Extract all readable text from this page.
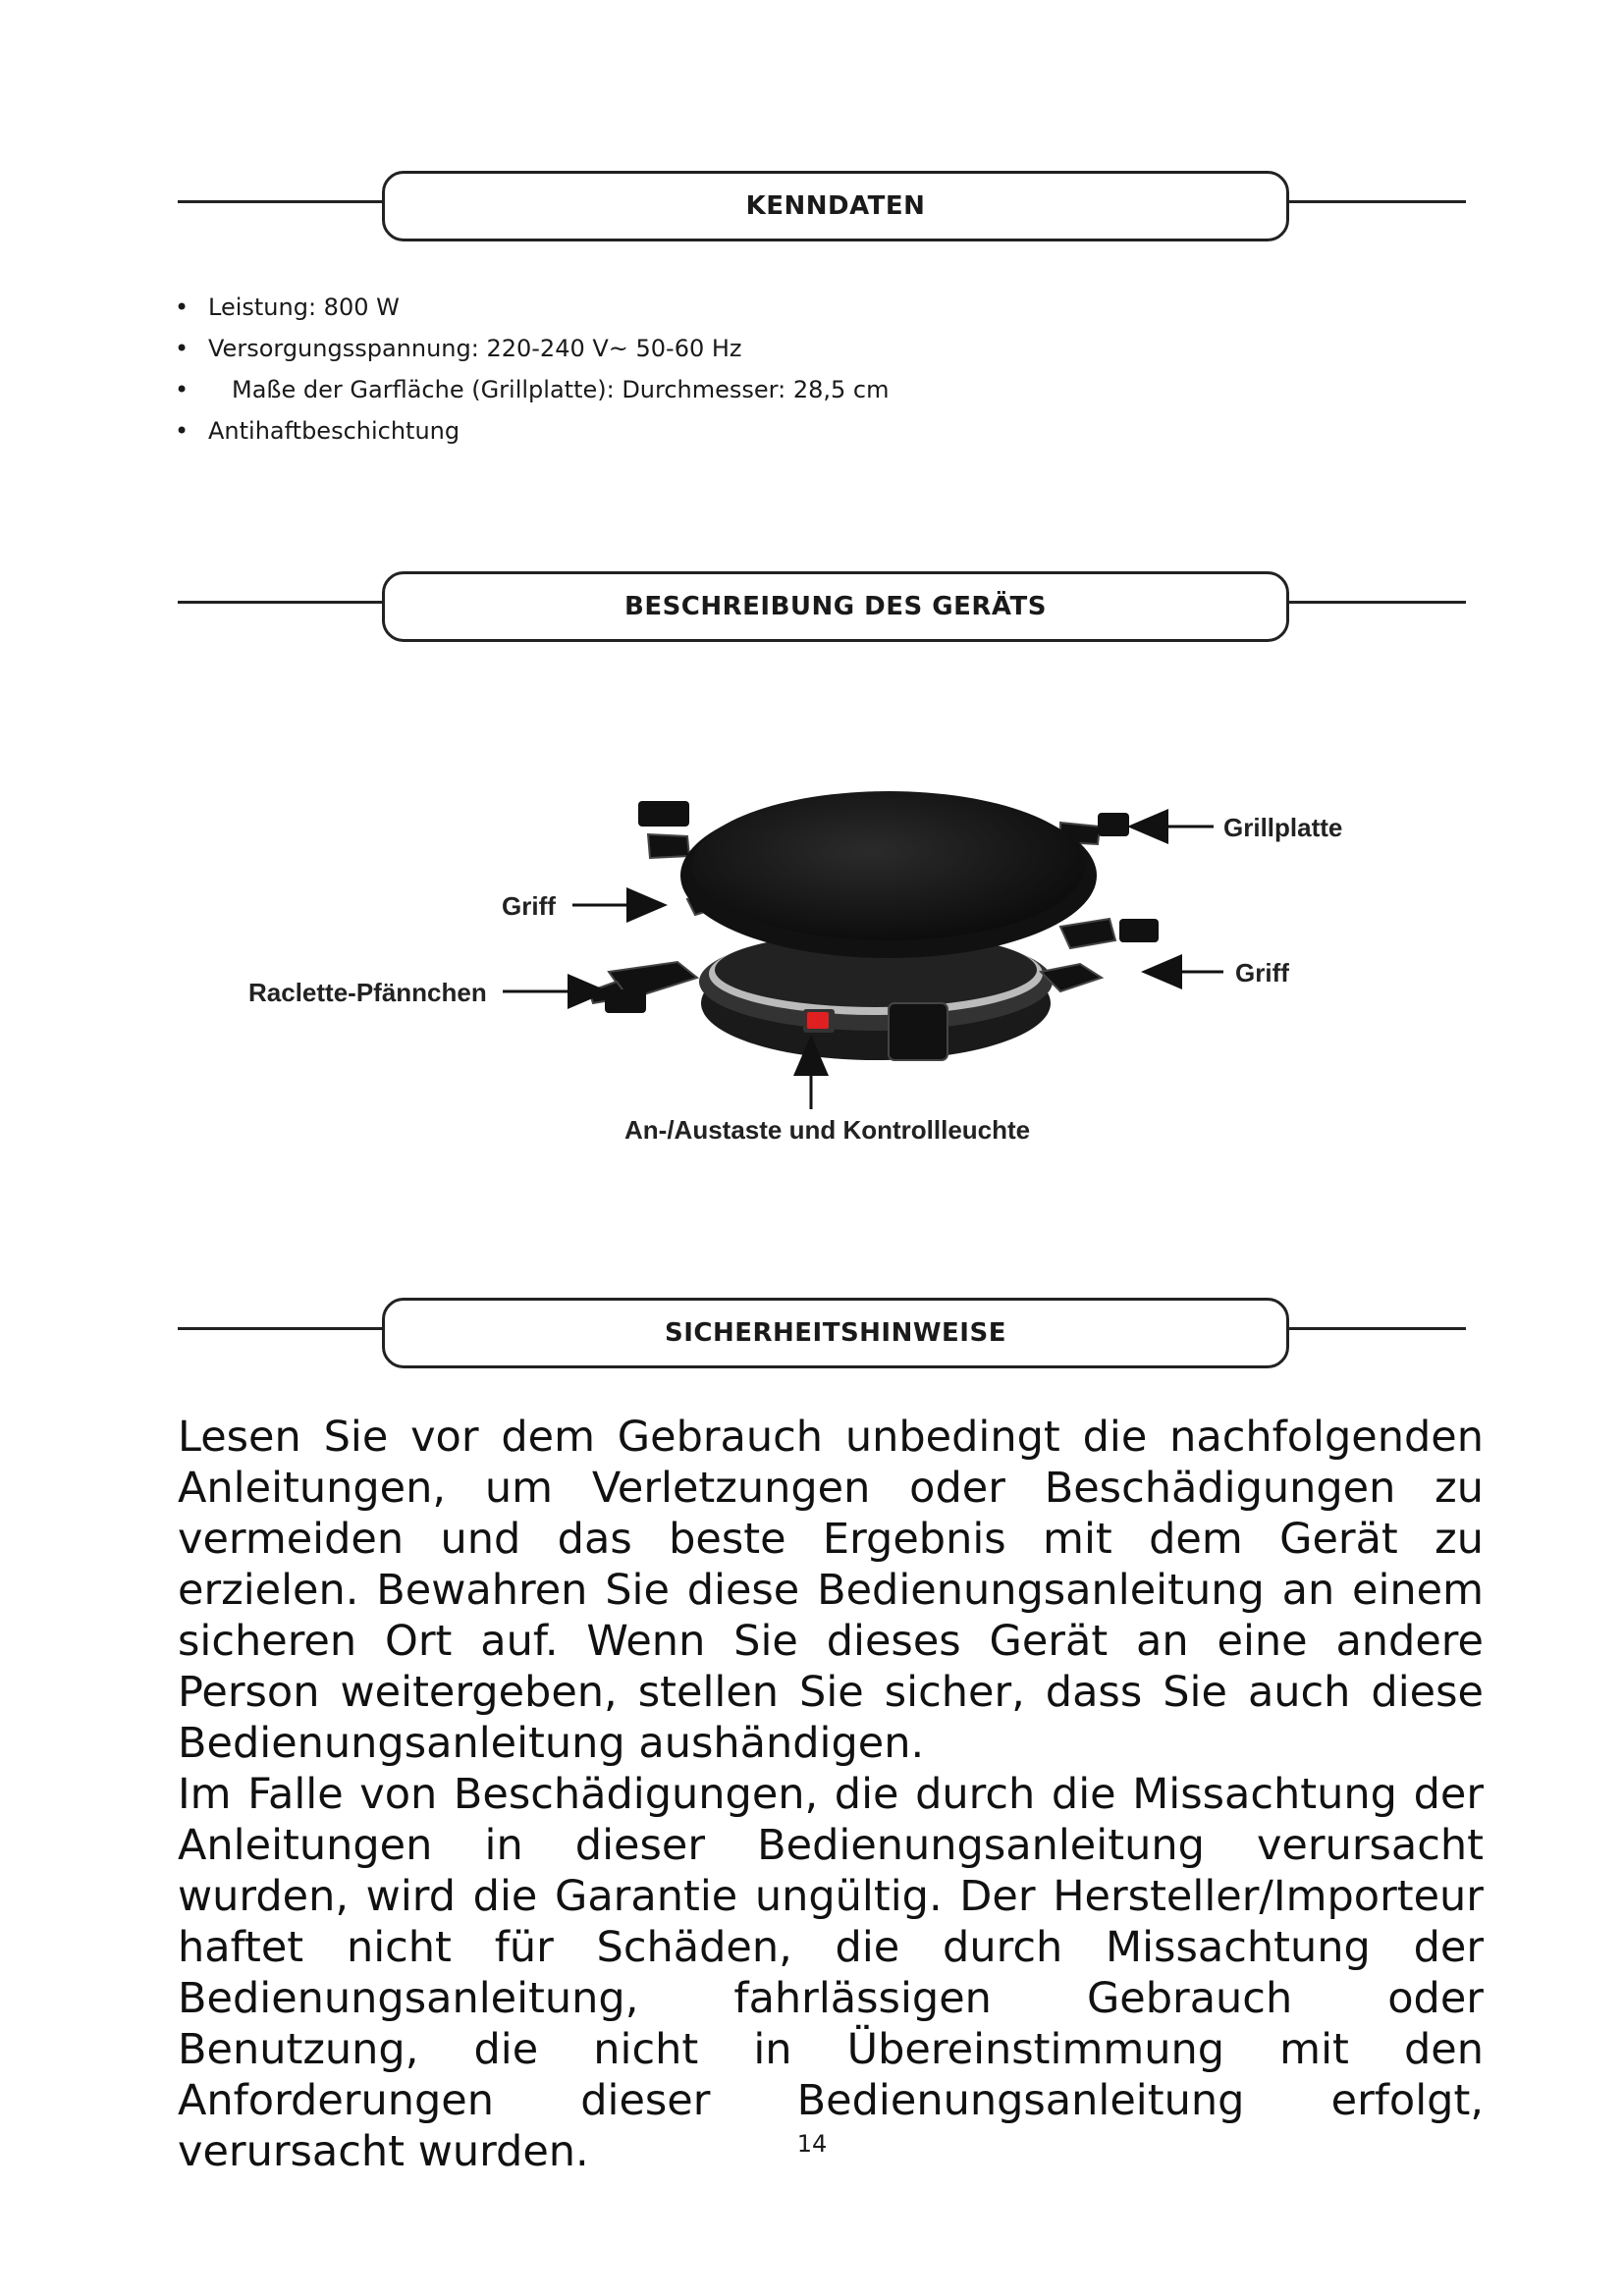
KENNDATEN
• Leistung: 800 W
• Versorgungsspannung: 220-240 V~ 50-60 Hz
• Maße der Garfläche (Grillplatte): Durchmesser: 28,5 cm
• Antihaftbeschichtung
BESCHREIBUNG DES GERÄTS
Grillplatte
Griff
Griff
Raclette-Pfännchen
An-/Austaste und Kontrollleuchte
SICHERHEITSHINWEISE

Lesen Sie vor dem Gebrauch unbedingt die nachfolgenden Anleitungen, um Verletzungen oder Beschädigungen zu vermeiden und das beste Ergebnis mit dem Gerät zu erzielen. Bewahren Sie diese Bedienungsanleitung an einem sicheren Ort auf. Wenn Sie dieses Gerät an eine andere Person weitergeben, stellen Sie sicher, dass Sie auch diese Bedienungsanleitung aushändigen.

Im Falle von Beschädigungen, die durch die Missachtung der Anleitungen in dieser Bedienungsanleitung verursacht wurden, wird die Garantie ungültig. Der Hersteller/Importeur haftet nicht für Schäden, die durch Missachtung der Bedienungsanleitung, fahrlässigen Gebrauch oder Benutzung, die nicht in Übereinstimmung mit den Anforderungen dieser Bedienungsanleitung erfolgt, verursacht wurden.	14
